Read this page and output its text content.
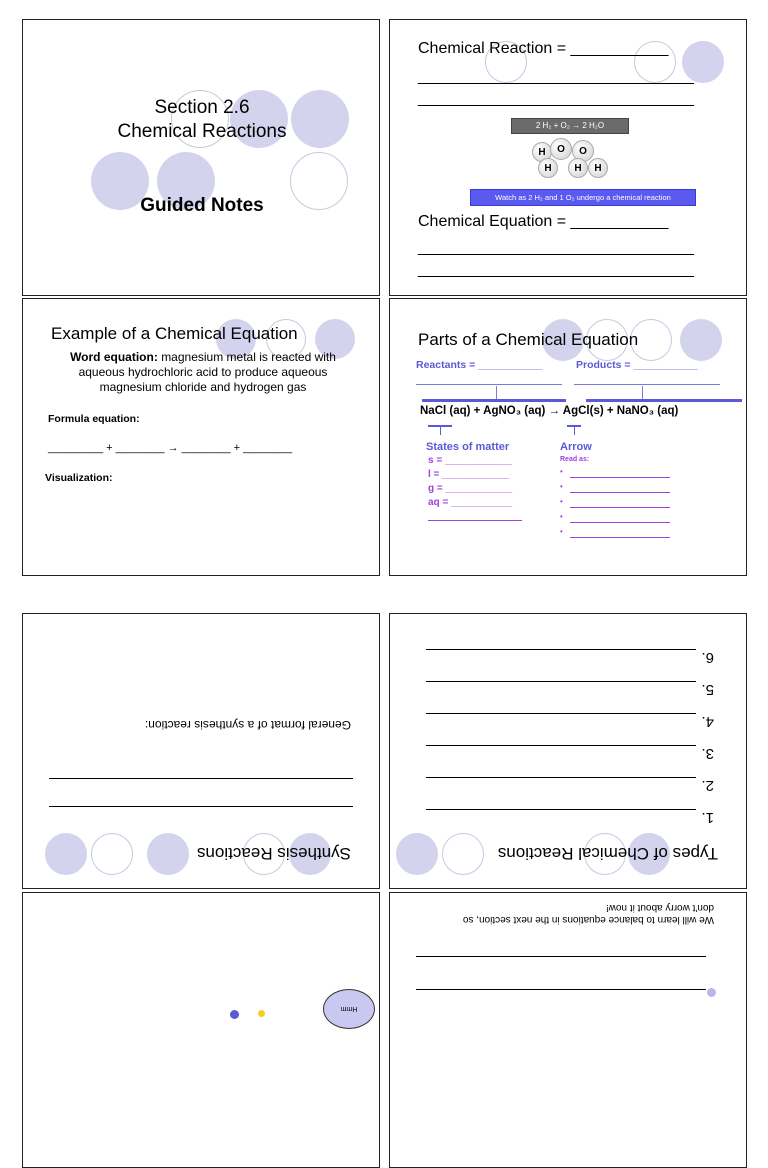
Section 2.6
Chemical Reactions
Guided Notes
Chemical Reaction = ___________
_______________________________
_______________________________
2 H₂ + O₂ → 2 H₂O
H	O	O
H	H	H
Watch as 2 H₂ and 1 O₂ undergo a chemical reaction
Chemical Equation = ___________
_______________________________
_______________________________
Example of a Chemical Equation
Word equation: magnesium metal is reacted with aqueous hydrochloric acid to produce aqueous magnesium chloride and hydrogen gas
Formula equation:
_________ + ________ → ________ + ________
Visualization:
Parts of a Chemical Equation
Reactants = ___________	Products = ___________
NaCl (aq) + AgNO₃ (aq) → AgCl(s) + NaNO₃ (aq)
States of matter
s = ____________
l = ____________
g = ____________
aq = ___________
Arrow
Read as:
•
•
•
•
•
Types of Chemical Reactions
1.
2.
3.
4.
5.
6.
Synthesis Reactions
General format of a synthesis reaction:
We will learn to balance equations in the next section, so
don't worry about it now!
Hmm
